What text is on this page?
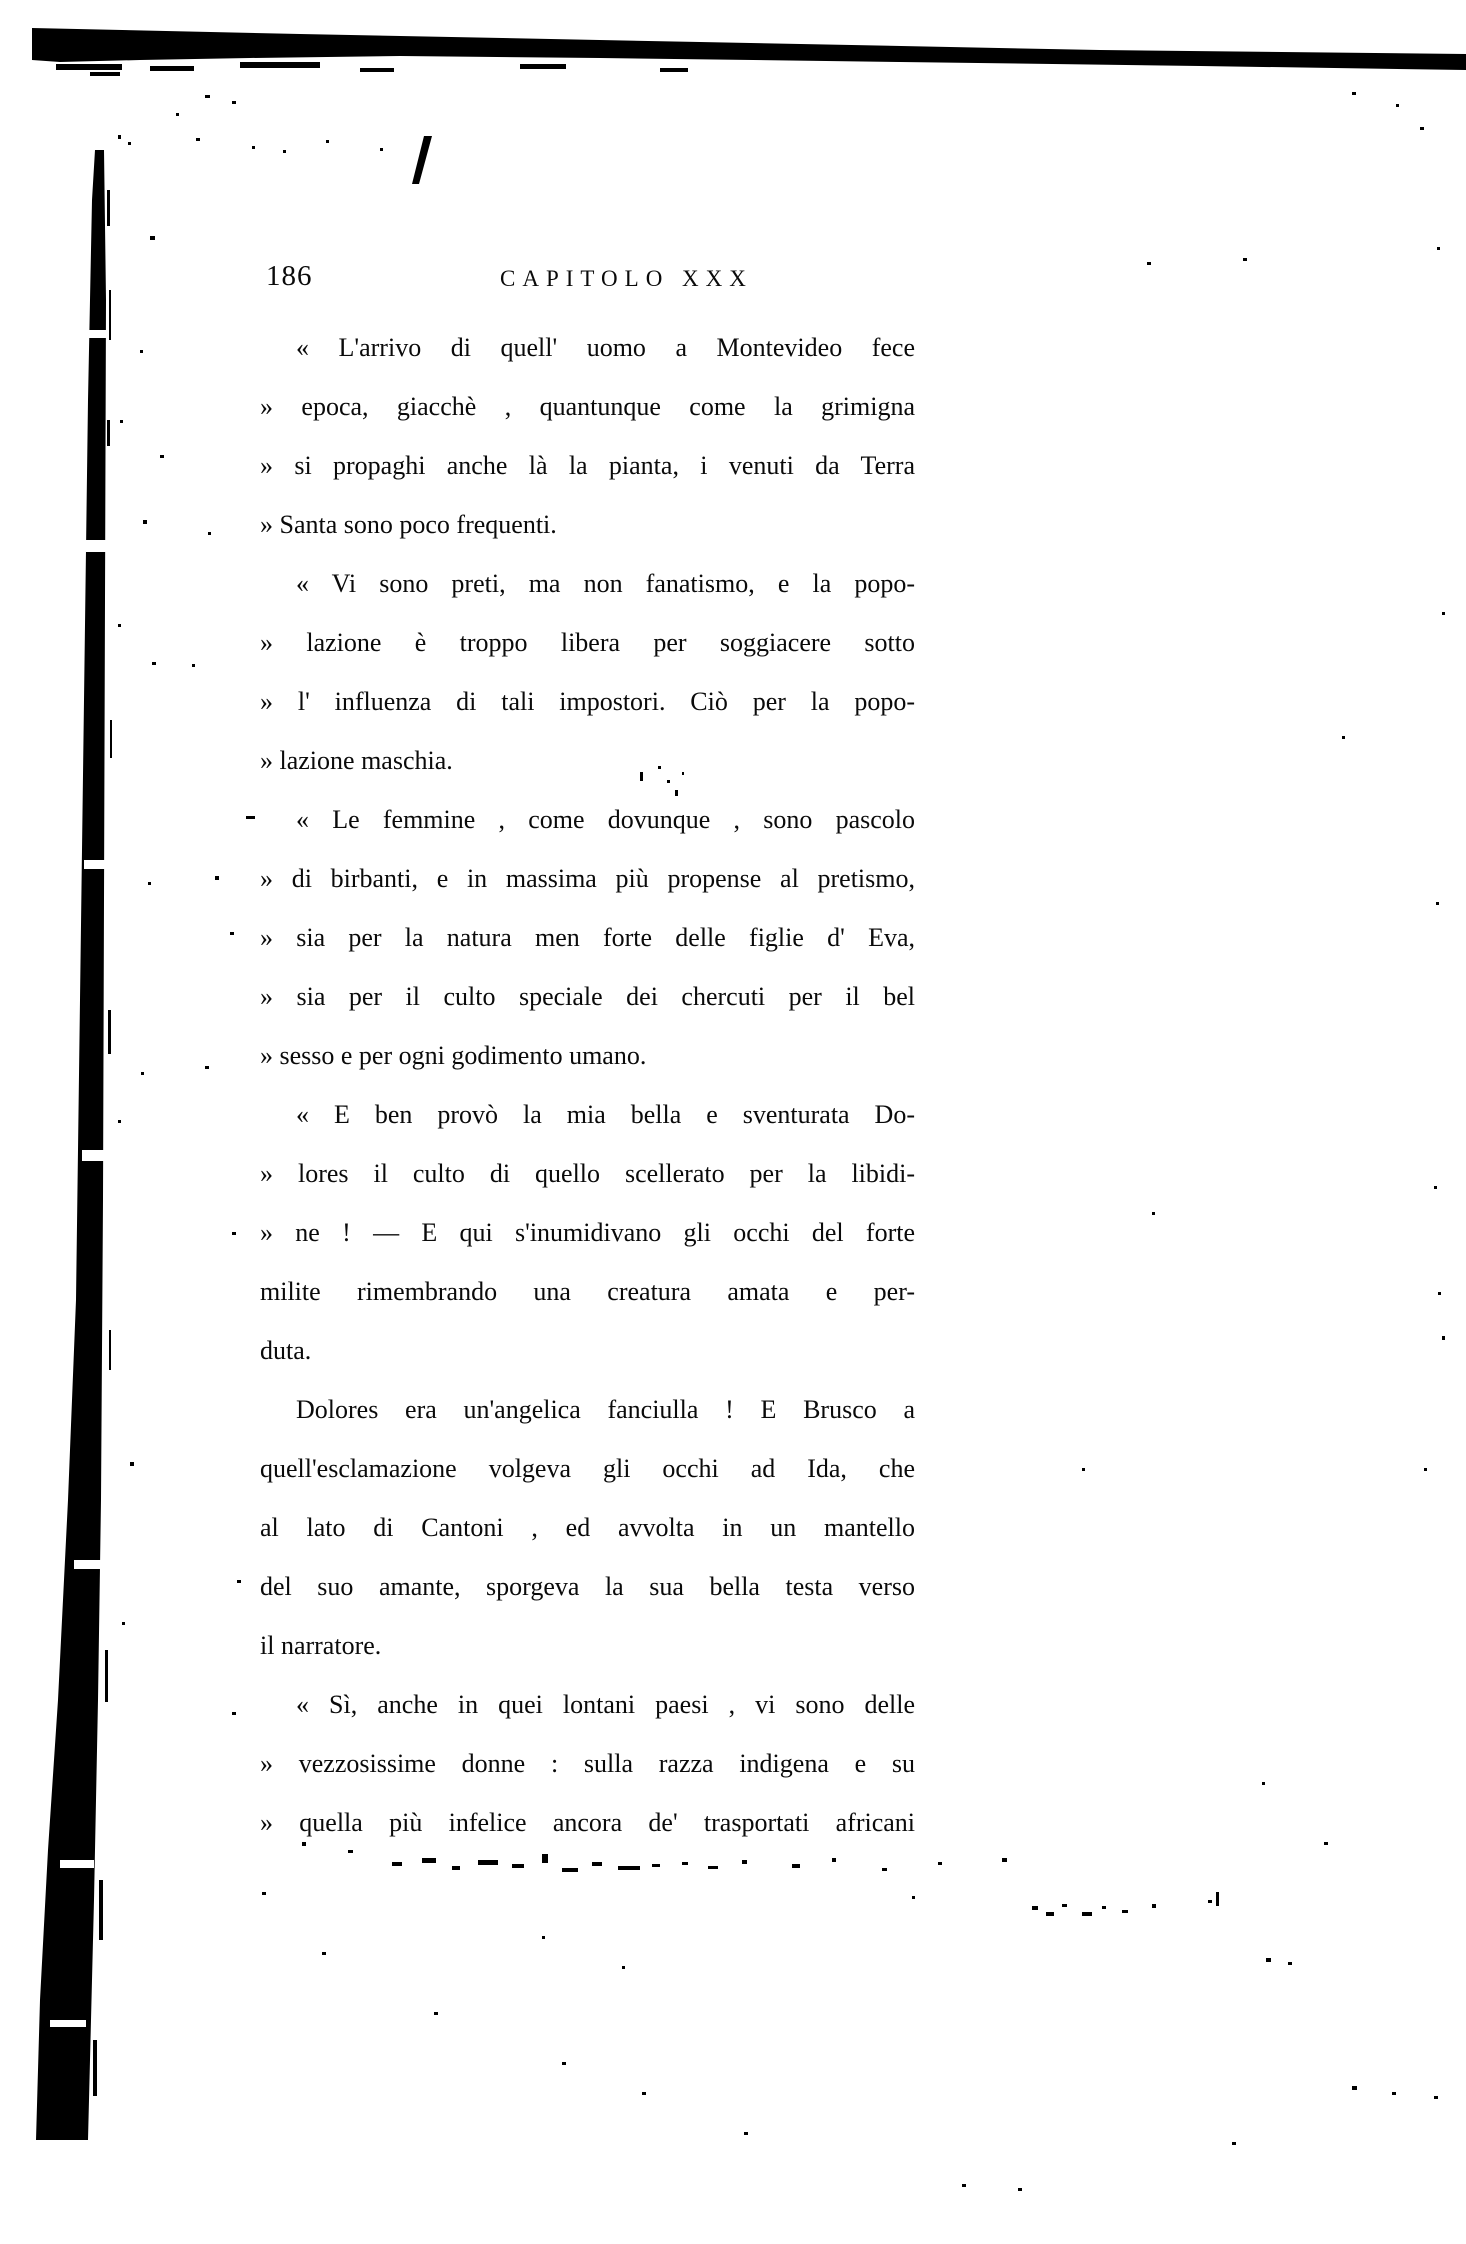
186	CAPITOLO XXX
« L'arrivo di quell' uomo a Montevideo fece
» epoca, giacchè , quantunque come la grimigna
» si propaghi anche là la pianta, i venuti da Terra
» Santa sono poco frequenti.
« Vi sono preti, ma non fanatismo, e la popo-
» lazione è troppo libera per soggiacere sotto
» l' influenza di tali impostori. Ciò per la popo-
» lazione maschia.
« Le femmine , come dovunque , sono pascolo
» di birbanti, e in massima più propense al pretismo,
» sia per la natura men forte delle figlie d' Eva,
» sia per il culto speciale dei chercuti per il bel
» sesso e per ogni godimento umano.
« E ben provò la mia bella e sventurata Do-
» lores il culto di quello scellerato per la libidi-
» ne ! — E qui s'inumidivano gli occhi del forte
milite rimembrando una creatura amata e per-
duta.
Dolores era un'angelica fanciulla ! E Brusco a
quell'esclamazione volgeva gli occhi ad Ida, che
al lato di Cantoni , ed avvolta in un mantello
del suo amante, sporgeva la sua bella testa verso
il narratore.
« Sì, anche in quei lontani paesi , vi sono delle
» vezzosissime donne : sulla razza indigena e su
» quella più infelice ancora de' trasportati africani
